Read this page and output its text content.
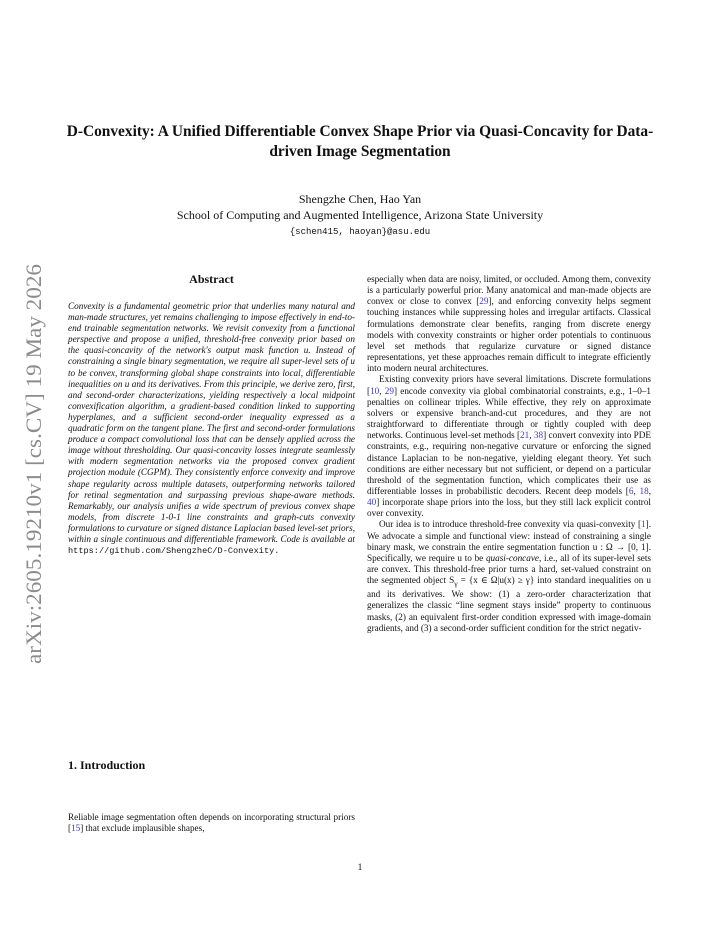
arXiv:2605.19210v1 [cs.CV] 19 May 2026
D-Convexity: A Unified Differentiable Convex Shape Prior via Quasi-Concavity for Data-driven Image Segmentation
Shengzhe Chen, Hao Yan
School of Computing and Augmented Intelligence, Arizona State University
{schen415, haoyan}@asu.edu
Abstract

Convexity is a fundamental geometric prior that underlies many natural and man-made structures, yet remains challenging to impose effectively in end-to-end trainable segmentation networks. We revisit convexity from a functional perspective and propose a unified, threshold-free convexity prior based on the quasi-concavity of the network's output mask function u. Instead of constraining a single binary segmentation, we require all super-level sets of u to be convex, transforming global shape constraints into local, differentiable inequalities on u and its derivatives. From this principle, we derive zero, first, and second-order characterizations, yielding respectively a local midpoint convexification algorithm, a gradient-based condition linked to supporting hyperplanes, and a sufficient second-order inequality expressed as a quadratic form on the tangent plane. The first and second-order formulations produce a compact convolutional loss that can be densely applied across the image without thresholding. Our quasi-concavity losses integrate seamlessly with modern segmentation networks via the proposed convex gradient projection module (CGPM). They consistently enforce convexity and improve shape regularity across multiple datasets, outperforming networks tailored for retinal segmentation and surpassing previous shape-aware methods. Remarkably, our analysis unifies a wide spectrum of previous convex shape models, from discrete 1-0-1 line constraints and graph-cuts convexity formulations to curvature or signed distance Laplacian based level-set priors, within a single continuous and differentiable framework. Code is available at https://github.com/ShengzheC/D-Convexity.

1. Introduction

Reliable image segmentation often depends on incorporating structural priors [15] that exclude implausible shapes,

especially when data are noisy, limited, or occluded. Among them, convexity is a particularly powerful prior. Many anatomical and man-made objects are convex or close to convex [29], and enforcing convexity helps segment touching instances while suppressing holes and irregular artifacts. Classical formulations demonstrate clear benefits, ranging from discrete energy models with convexity constraints or higher order potentials to continuous level set methods that regularize curvature or signed distance representations, yet these approaches remain difficult to integrate efficiently into modern neural architectures.

Existing convexity priors have several limitations. Discrete formulations [10, 29] encode convexity via global combinatorial constraints, e.g., 1–0–1 penalties on collinear triples. While effective, they rely on approximate solvers or expensive branch-and-cut procedures, and they are not straightforward to differentiate through or tightly coupled with deep networks. Continuous level-set methods [21, 38] convert convexity into PDE constraints, e.g., requiring non-negative curvature or enforcing the signed distance Laplacian to be non-negative, yielding elegant theory. Yet such conditions are either necessary but not sufficient, or depend on a particular threshold of the segmentation function, which complicates their use as differentiable losses in probabilistic decoders. Recent deep models [6, 18, 40] incorporate shape priors into the loss, but they still lack explicit control over convexity.

Our idea is to introduce threshold-free convexity via quasi-convexity [1]. We advocate a simple and functional view: instead of constraining a single binary mask, we constrain the entire segmentation function u : Ω → [0, 1]. Specifically, we require u to be quasi-concave, i.e., all of its super-level sets are convex. This threshold-free prior turns a hard, set-valued constraint on the segmented object $S_\gamma = \{x$ ∈ Ω|u(x) ≥ γ} into standard inequalities on u and its derivatives. We show: (1) a zero-order characterization that generalizes the classic “line segment stays inside” property to continuous masks, (2) an equivalent first-order condition expressed with image-domain gradients, and (3) a second-order sufficient condition for the strict negativ-

1
